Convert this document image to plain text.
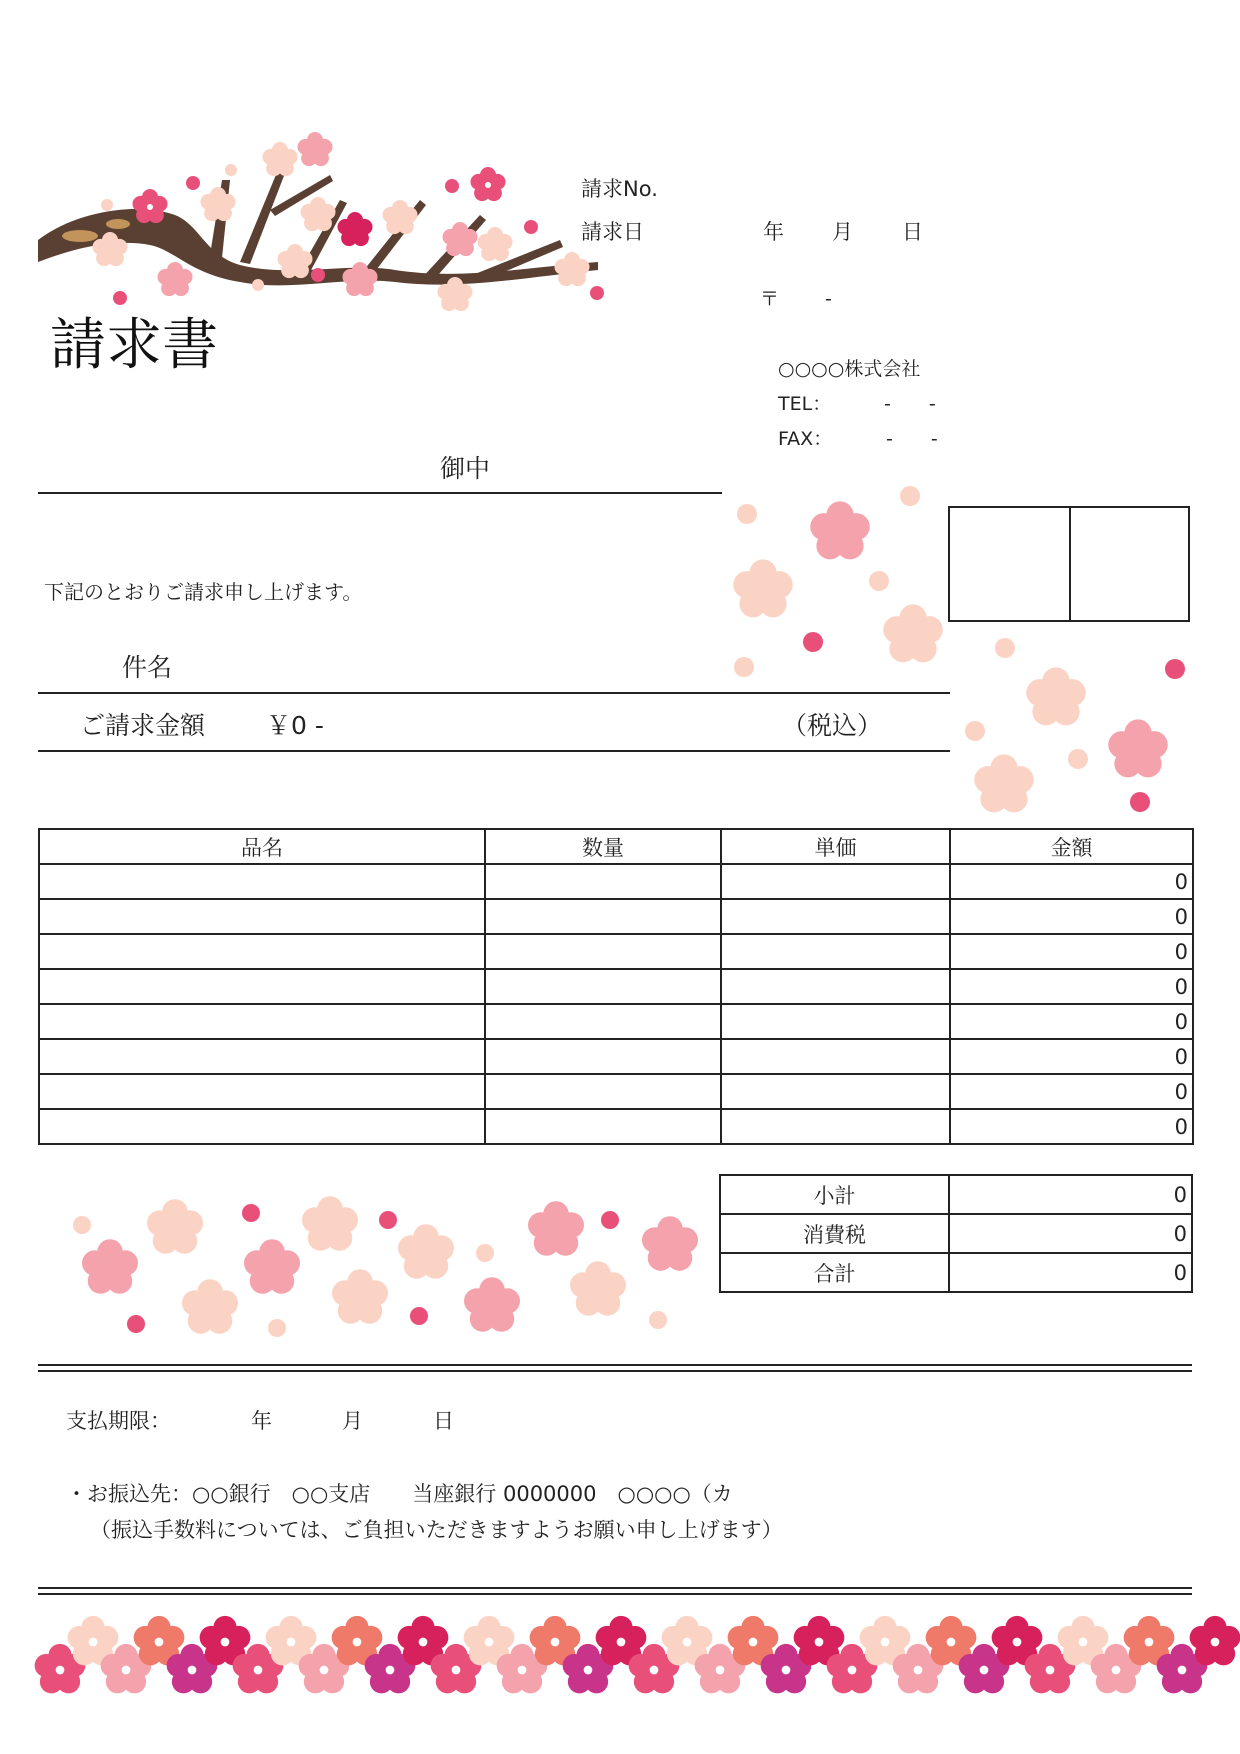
請求書
請求No.
請求日	年 月 日
〒 -
○○○○株式会社
TEL：	-　　-
FAX：	-　　-
御中
下記のとおりご請求申し上げます。
件名
ご請求金額 ￥0 -	（税込）
品名	数量	単価	金額
			0
			0
			0
			0
			0
			0
			0
			0
小計	0
消費税	0
合計	0
支払期限：	年	月	日
・お振込先：○○銀行　○○支店　　当座銀行 0000000　○○○○（カ
（振込手数料については、ご負担いただきますようお願い申し上げます）
